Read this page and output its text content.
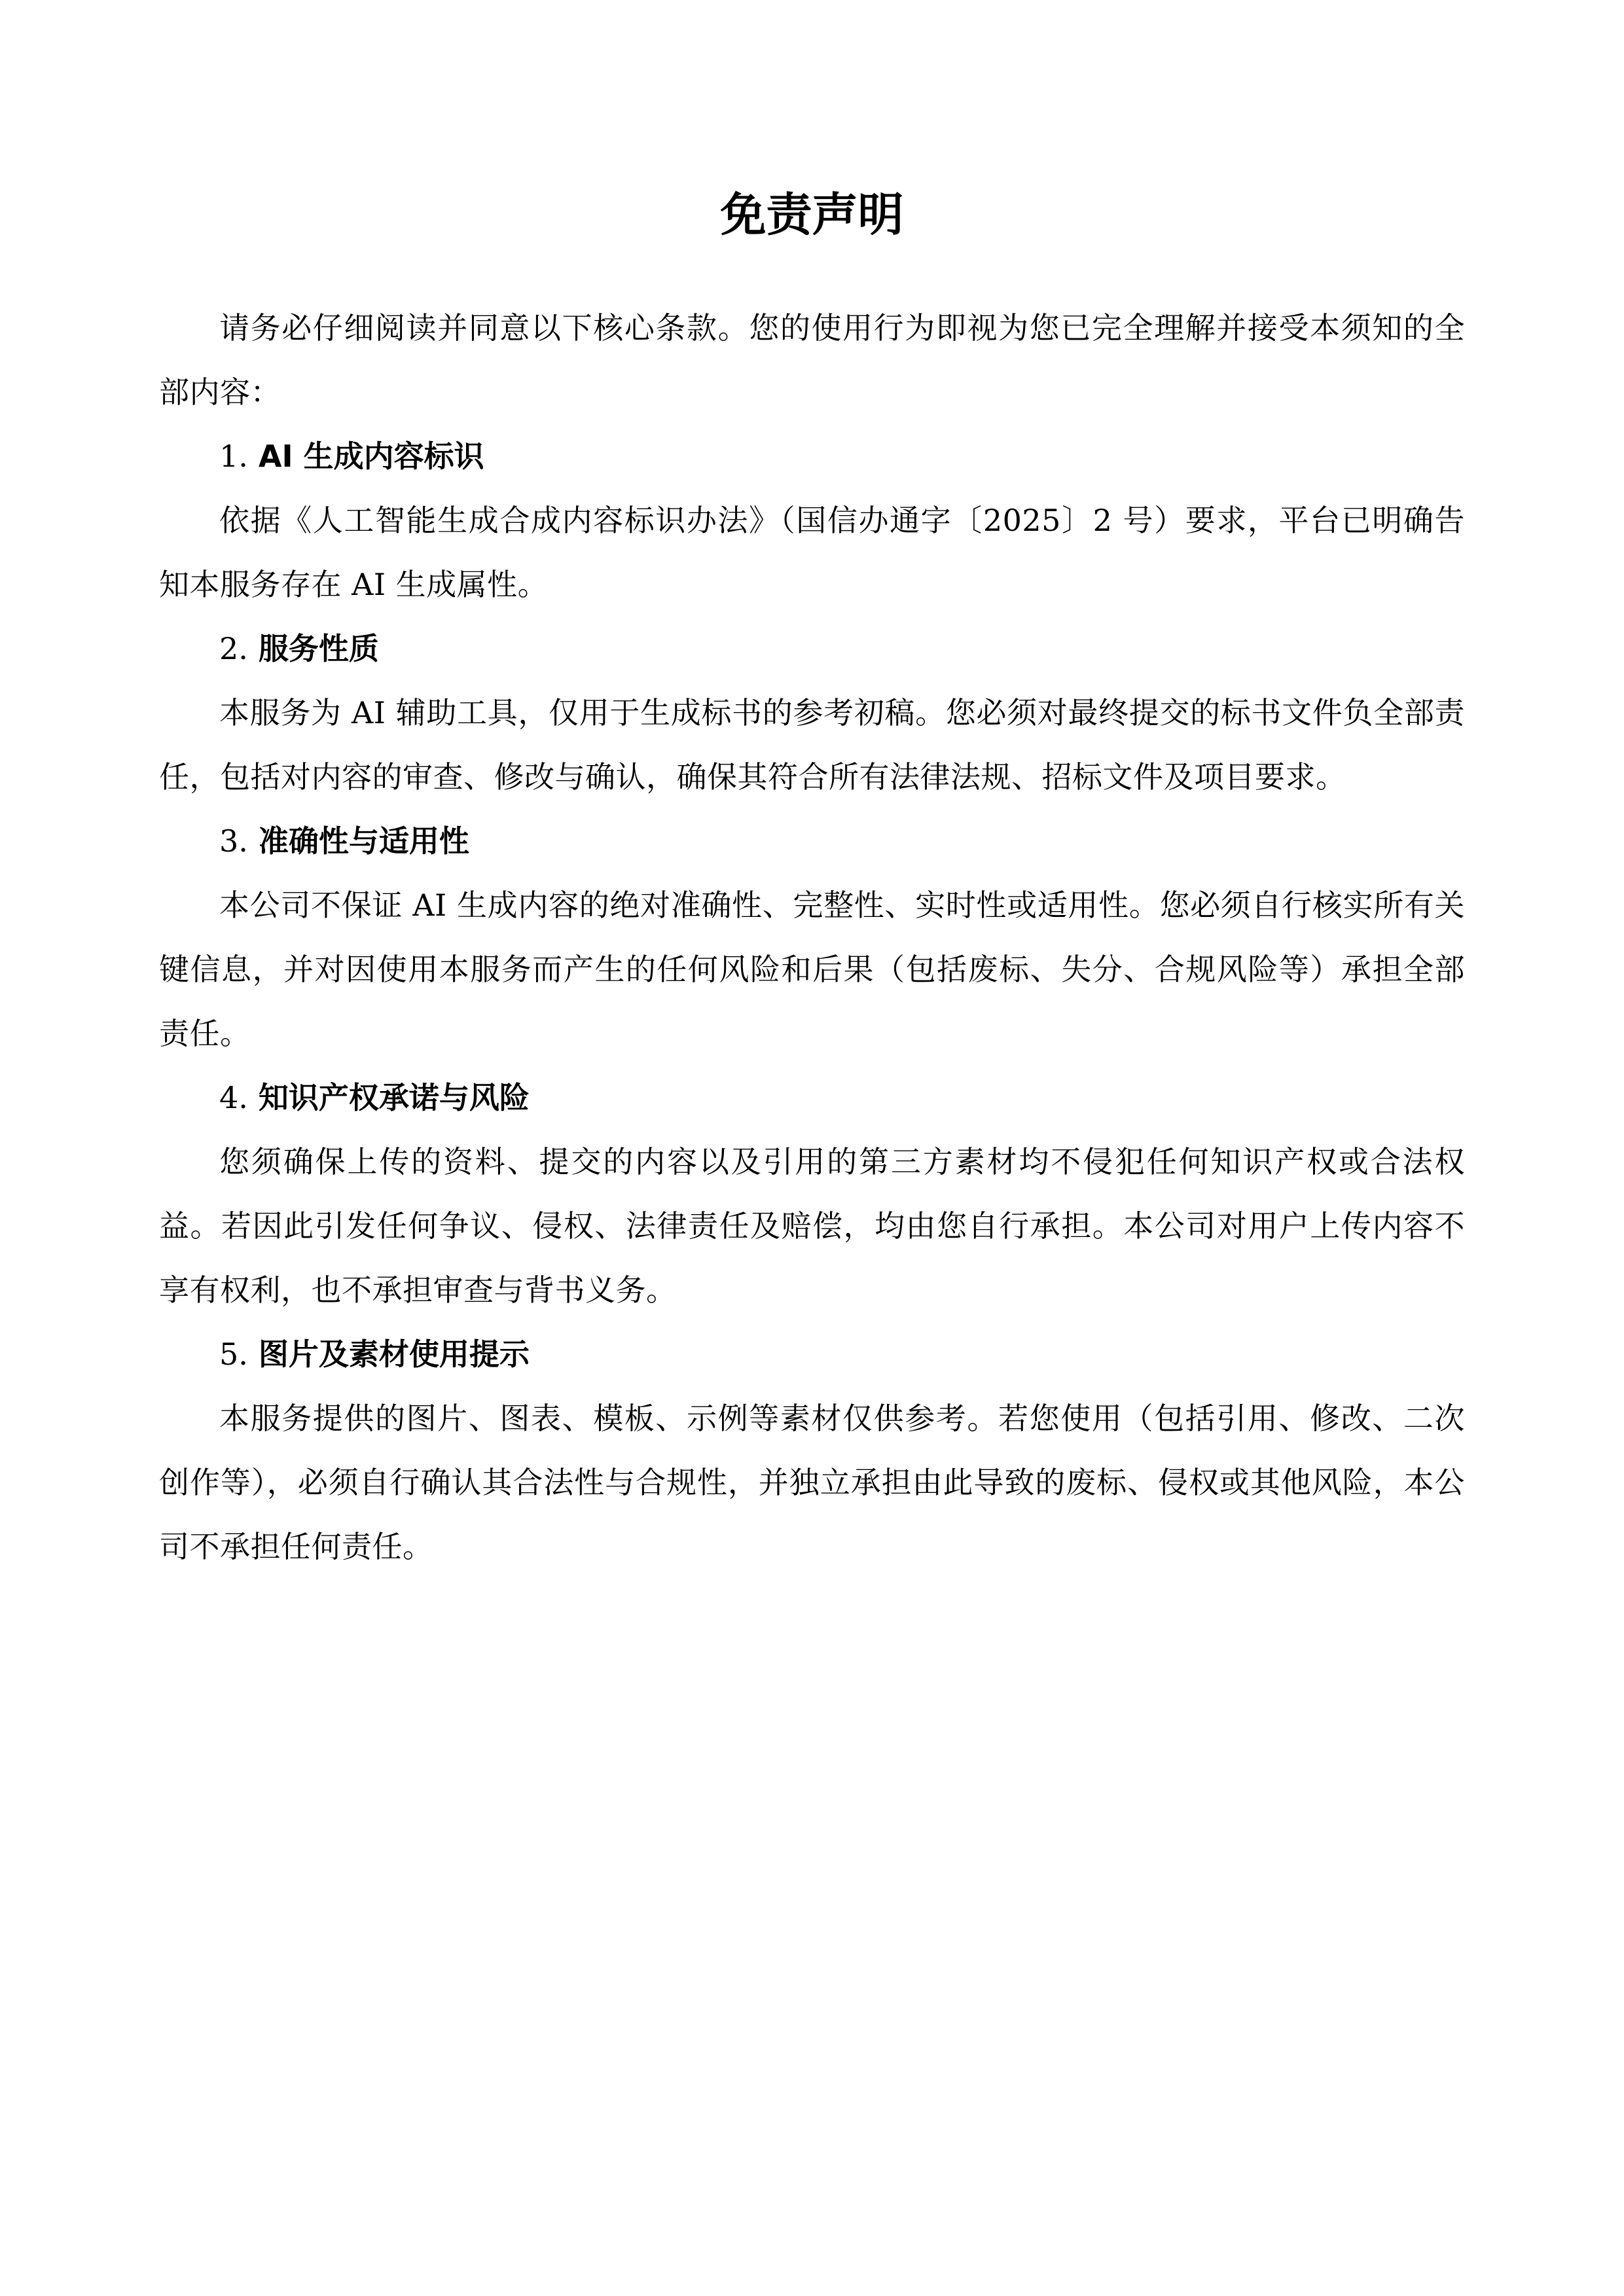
免责声明

请务必仔细阅读并同意以下核心条款。您的使用行为即视为您已完全理解并接受本须知的全部内容：

1. AI 生成内容标识

依据《人工智能生成合成内容标识办法》（国信办通字〔2025〕2 号）要求，平台已明确告知本服务存在 AI 生成属性。

2. 服务性质

本服务为 AI 辅助工具，仅用于生成标书的参考初稿。您必须对最终提交的标书文件负全部责任，包括对内容的审查、修改与确认，确保其符合所有法律法规、招标文件及项目要求。

3. 准确性与适用性

本公司不保证 AI 生成内容的绝对准确性、完整性、实时性或适用性。您必须自行核实所有关键信息，并对因使用本服务而产生的任何风险和后果（包括废标、失分、合规风险等）承担全部责任。

4. 知识产权承诺与风险

您须确保上传的资料、提交的内容以及引用的第三方素材均不侵犯任何知识产权或合法权益。若因此引发任何争议、侵权、法律责任及赔偿，均由您自行承担。本公司对用户上传内容不享有权利，也不承担审查与背书义务。

5. 图片及素材使用提示

本服务提供的图片、图表、模板、示例等素材仅供参考。若您使用（包括引用、修改、二次创作等），必须自行确认其合法性与合规性，并独立承担由此导致的废标、侵权或其他风险，本公司不承担任何责任。
